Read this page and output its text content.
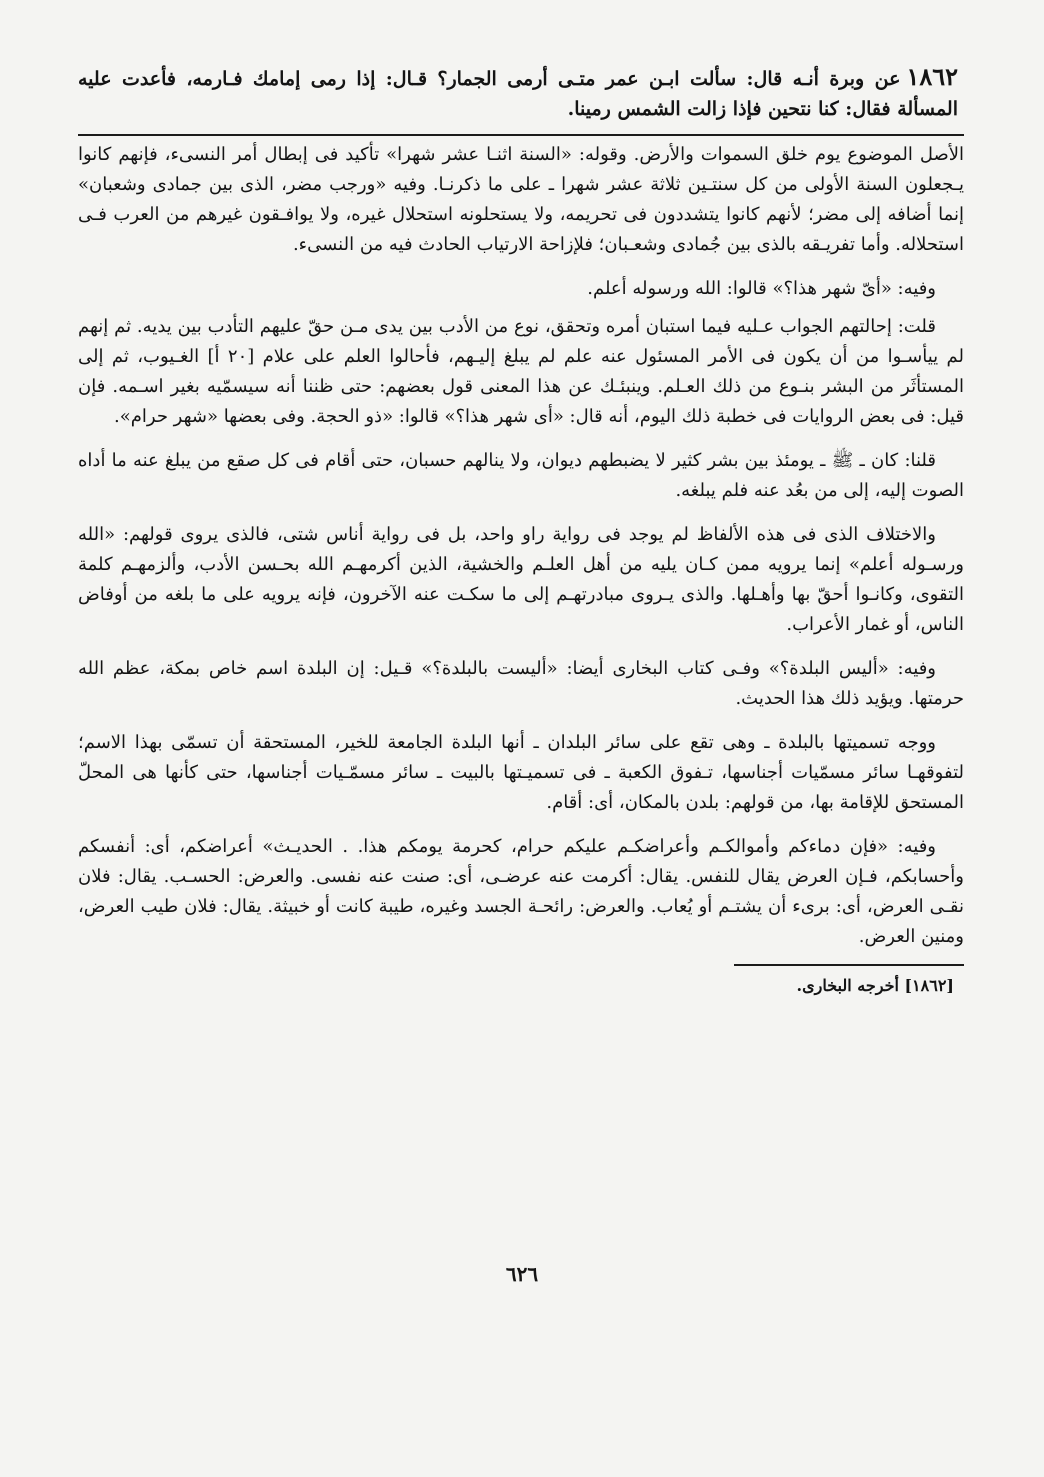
١٨٦٢عن وبرة أنـه قال: سألت ابـن عمر متـى أرمى الجمار؟ قـال: إذا رمى إمامك فـارمه، فأعدت عليه المسألة فقال: كنا نتحين فإذا زالت الشمس رمينا.

الأصل الموضوع يوم خلق السموات والأرض. وقوله: «السنة اثنـا عشر شهرا» تأكيد فى إبطال أمر النسىء، فإنهم كانوا يـجعلون السنة الأولى من كل سنتـين ثلاثة عشر شهرا ـ على ما ذكرنـا. وفيه «ورجب مضر، الذى بين جمادى وشعبان» إنما أضافه إلى مضر؛ لأنهم كانوا يتشددون فى تحريمه، ولا يستحلونه استحلال غيره، ولا يوافـقون غيرهم من العرب فـى استحلاله. وأما تفريـقه بالذى بين جُمادى وشعـبان؛ فلإزاحة الارتياب الحادث فيه من النسىء.

وفيه: «أىّ شهر هذا؟» قالوا: الله ورسوله أعلم.

قلت: إحالتهم الجواب عـليه فيما استبان أمره وتحقق، نوع من الأدب بين يدى مـن حقّ عليهم التأدب بين يديه. ثم إنهم لم ييأسـوا من أن يكون فى الأمر المسئول عنه علم لم يبلغ إليـهم، فأحالوا العلم على علام [٢٠ أ] الغـيوب، ثم إلى المستأثَر من البشر بنـوع من ذلك العـلم. وينبئـك عن هذا المعنى قول بعضهم: حتى ظننا أنه سيسمّيه بغير اسـمه. فإن قيل: فى بعض الروايات فى خطبة ذلك اليوم، أنه قال: «أى شهر هذا؟» قالوا: «ذو الحجة. وفى بعضها «شهر حرام».

قلنا: كان ـ ﷺ ـ يومئذ بين بشر كثير لا يضبطهم ديوان، ولا ينالهم حسبان، حتى أقام فى كل صقع من يبلغ عنه ما أداه الصوت إليه، إلى من بعُد عنه فلم يبلغه.

والاختلاف الذى فى هذه الألفاظ لم يوجد فى رواية راو واحد، بل فى رواية أناس شتى، فالذى يروى قولهم: «الله ورسـوله أعلم» إنما يرويه ممن كـان يليه من أهل العلـم والخشية، الذين أكرمهـم الله بحـسن الأدب، وألزمهـم كلمة التقوى، وكانـوا أحقّ بها وأهـلها. والذى يـروى مبادرتهـم إلى ما سكـت عنه الآخرون، فإنه يرويه على ما بلغه من أوفاض الناس، أو غمار الأعراب.

وفيه: «أليس البلدة؟» وفـى كتاب البخارى أيضا: «أليست بالبلدة؟» قـيل: إن البلدة اسم خاص بمكة، عظم الله حرمتها. ويؤيد ذلك هذا الحديث.

ووجه تسميتها بالبلدة ـ وهى تقع على سائر البلدان ـ أنها البلدة الجامعة للخير، المستحقة أن تسمّى بهذا الاسم؛ لتفوقهـا سائر مسمّيات أجناسها، تـفوق الكعبة ـ فى تسميـتها بالبيت ـ سائر مسمّـيات أجناسها، حتى كأنها هى المحلّ المستحق للإقامة بها، من قولهم: بلدن بالمكان، أى: أقام.

وفيه: «فإن دماءكم وأموالكـم وأعراضكـم عليكم حرام، كحرمة يومكم هذا. . الحديـث» أعراضكم، أى: أنفسكم وأحسابكم، فـإن العرض يقال للنفس. يقال: أكرمت عنه عرضـى، أى: صنت عنه نفسى. والعرض: الحسـب. يقال: فلان نقـى العرض، أى: برىء أن يشتـم أو يُعاب. والعرض: رائحـة الجسد وغيره، طيبة كانت أو خبيثة. يقال: فلان طيب العرض، ومنين العرض.

[١٨٦٢] أخرجه البخارى.
٦٢٦
